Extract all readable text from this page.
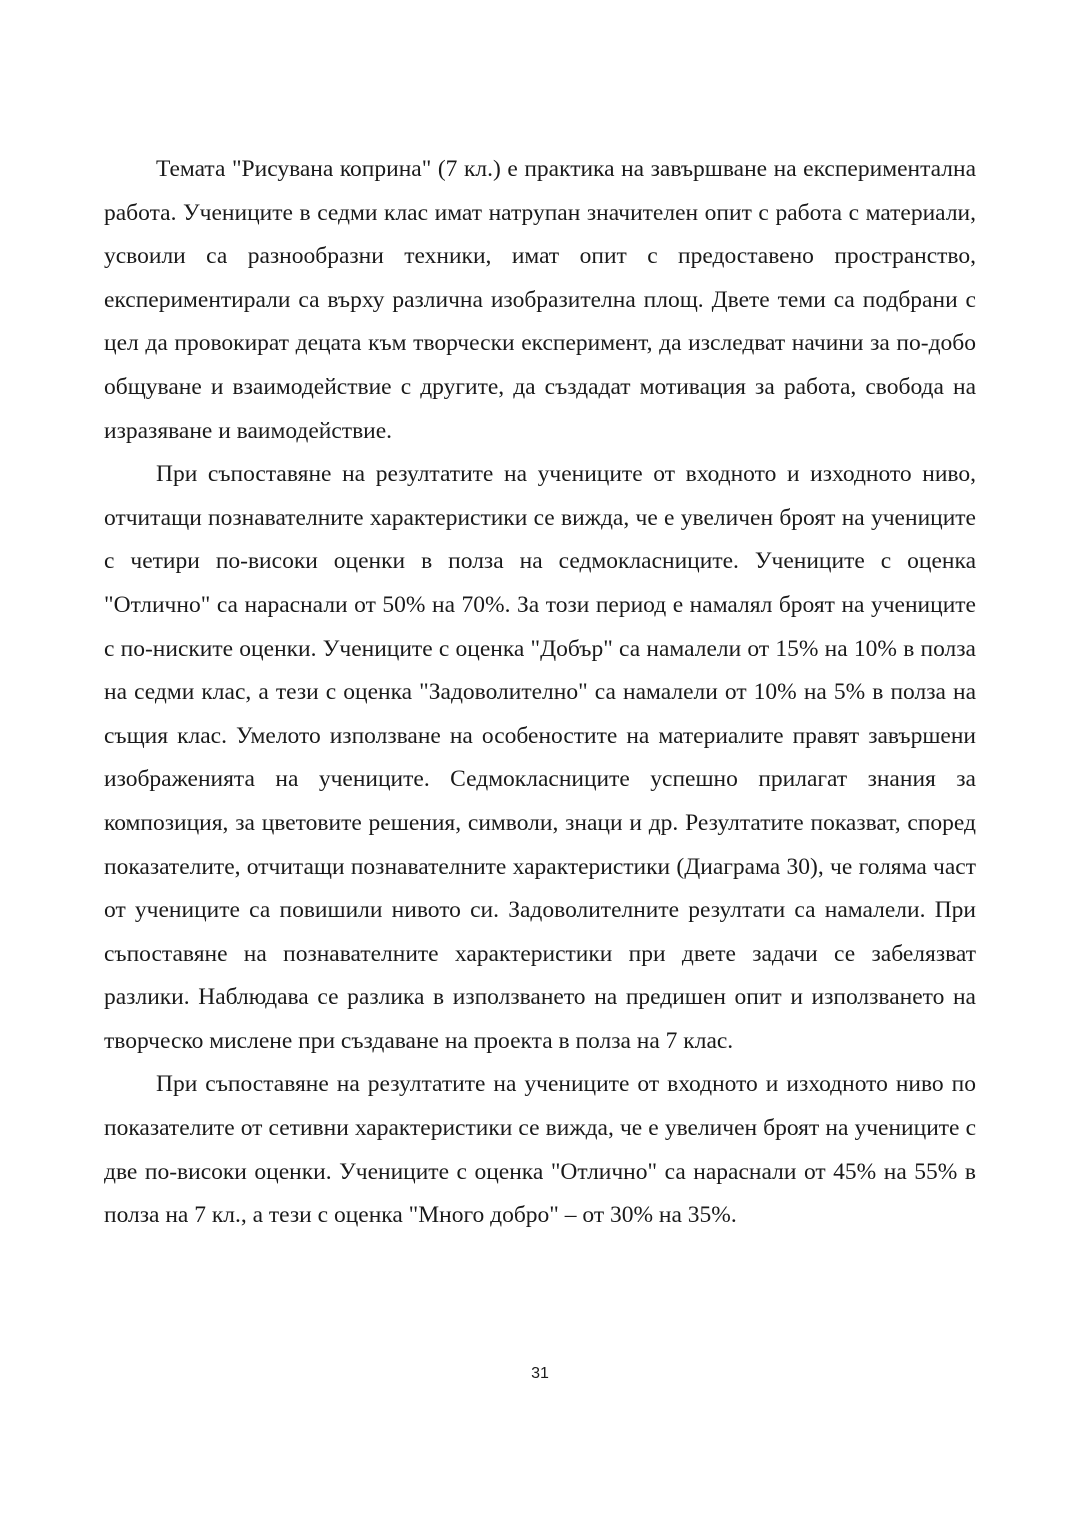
Темата "Рисувана коприна" (7 кл.) е практика на завършване на експериментална работа. Учениците в седми клас имат натрупан значителен опит с работа с материали, усвоили са разнообразни техники, имат опит с предоставено пространство, експериментирали са върху различна изобразителна площ. Двете теми са подбрани с цел да провокират децата към творчески експеримент, да изследват начини за по-добо общуване и взаимодействие с другите, да създадат мотивация за работа, свобода на изразяване и ваимодействие.

При съпоставяне на резултатите на учениците от входното и изходното ниво, отчитащи познавателните характеристики се вижда, че е увеличен броят на учениците с четири по-високи оценки в полза на седмокласниците. Учениците с оценка "Отлично" са нараснали от 50% на 70%. За този период е намалял броят на учениците с по-ниските оценки. Учениците с оценка "Добър" са намалели от 15% на 10% в полза на седми клас, а тези с оценка "Задоволително" са намалели от 10% на 5% в полза на същия клас. Умелото използване на особеностите на материалите правят завършени изображенията на учениците. Седмокласниците успешно прилагат знания за композиция, за цветовите решения, символи, знаци и др. Резултатите показват, според показателите, отчитащи познавателните характеристики (Диаграма 30), че голяма част от учениците са повишили нивото си. Задоволителните резултати са намалели. При съпоставяне на познавателните характеристики при двете задачи се забелязват разлики. Наблюдава се разлика в използването на предишен опит и използването на творческо мислене при създаване на проекта в полза на 7 клас.

При съпоставяне на резултатите на учениците от входното и изходното ниво по показателите от сетивни характеристики се вижда, че е увеличен броят на учениците с две по-високи оценки. Учениците с оценка "Отлично" са нараснали от 45% на 55% в полза на 7 кл., а тези с оценка "Много добро" – от 30% на 35%.

31
